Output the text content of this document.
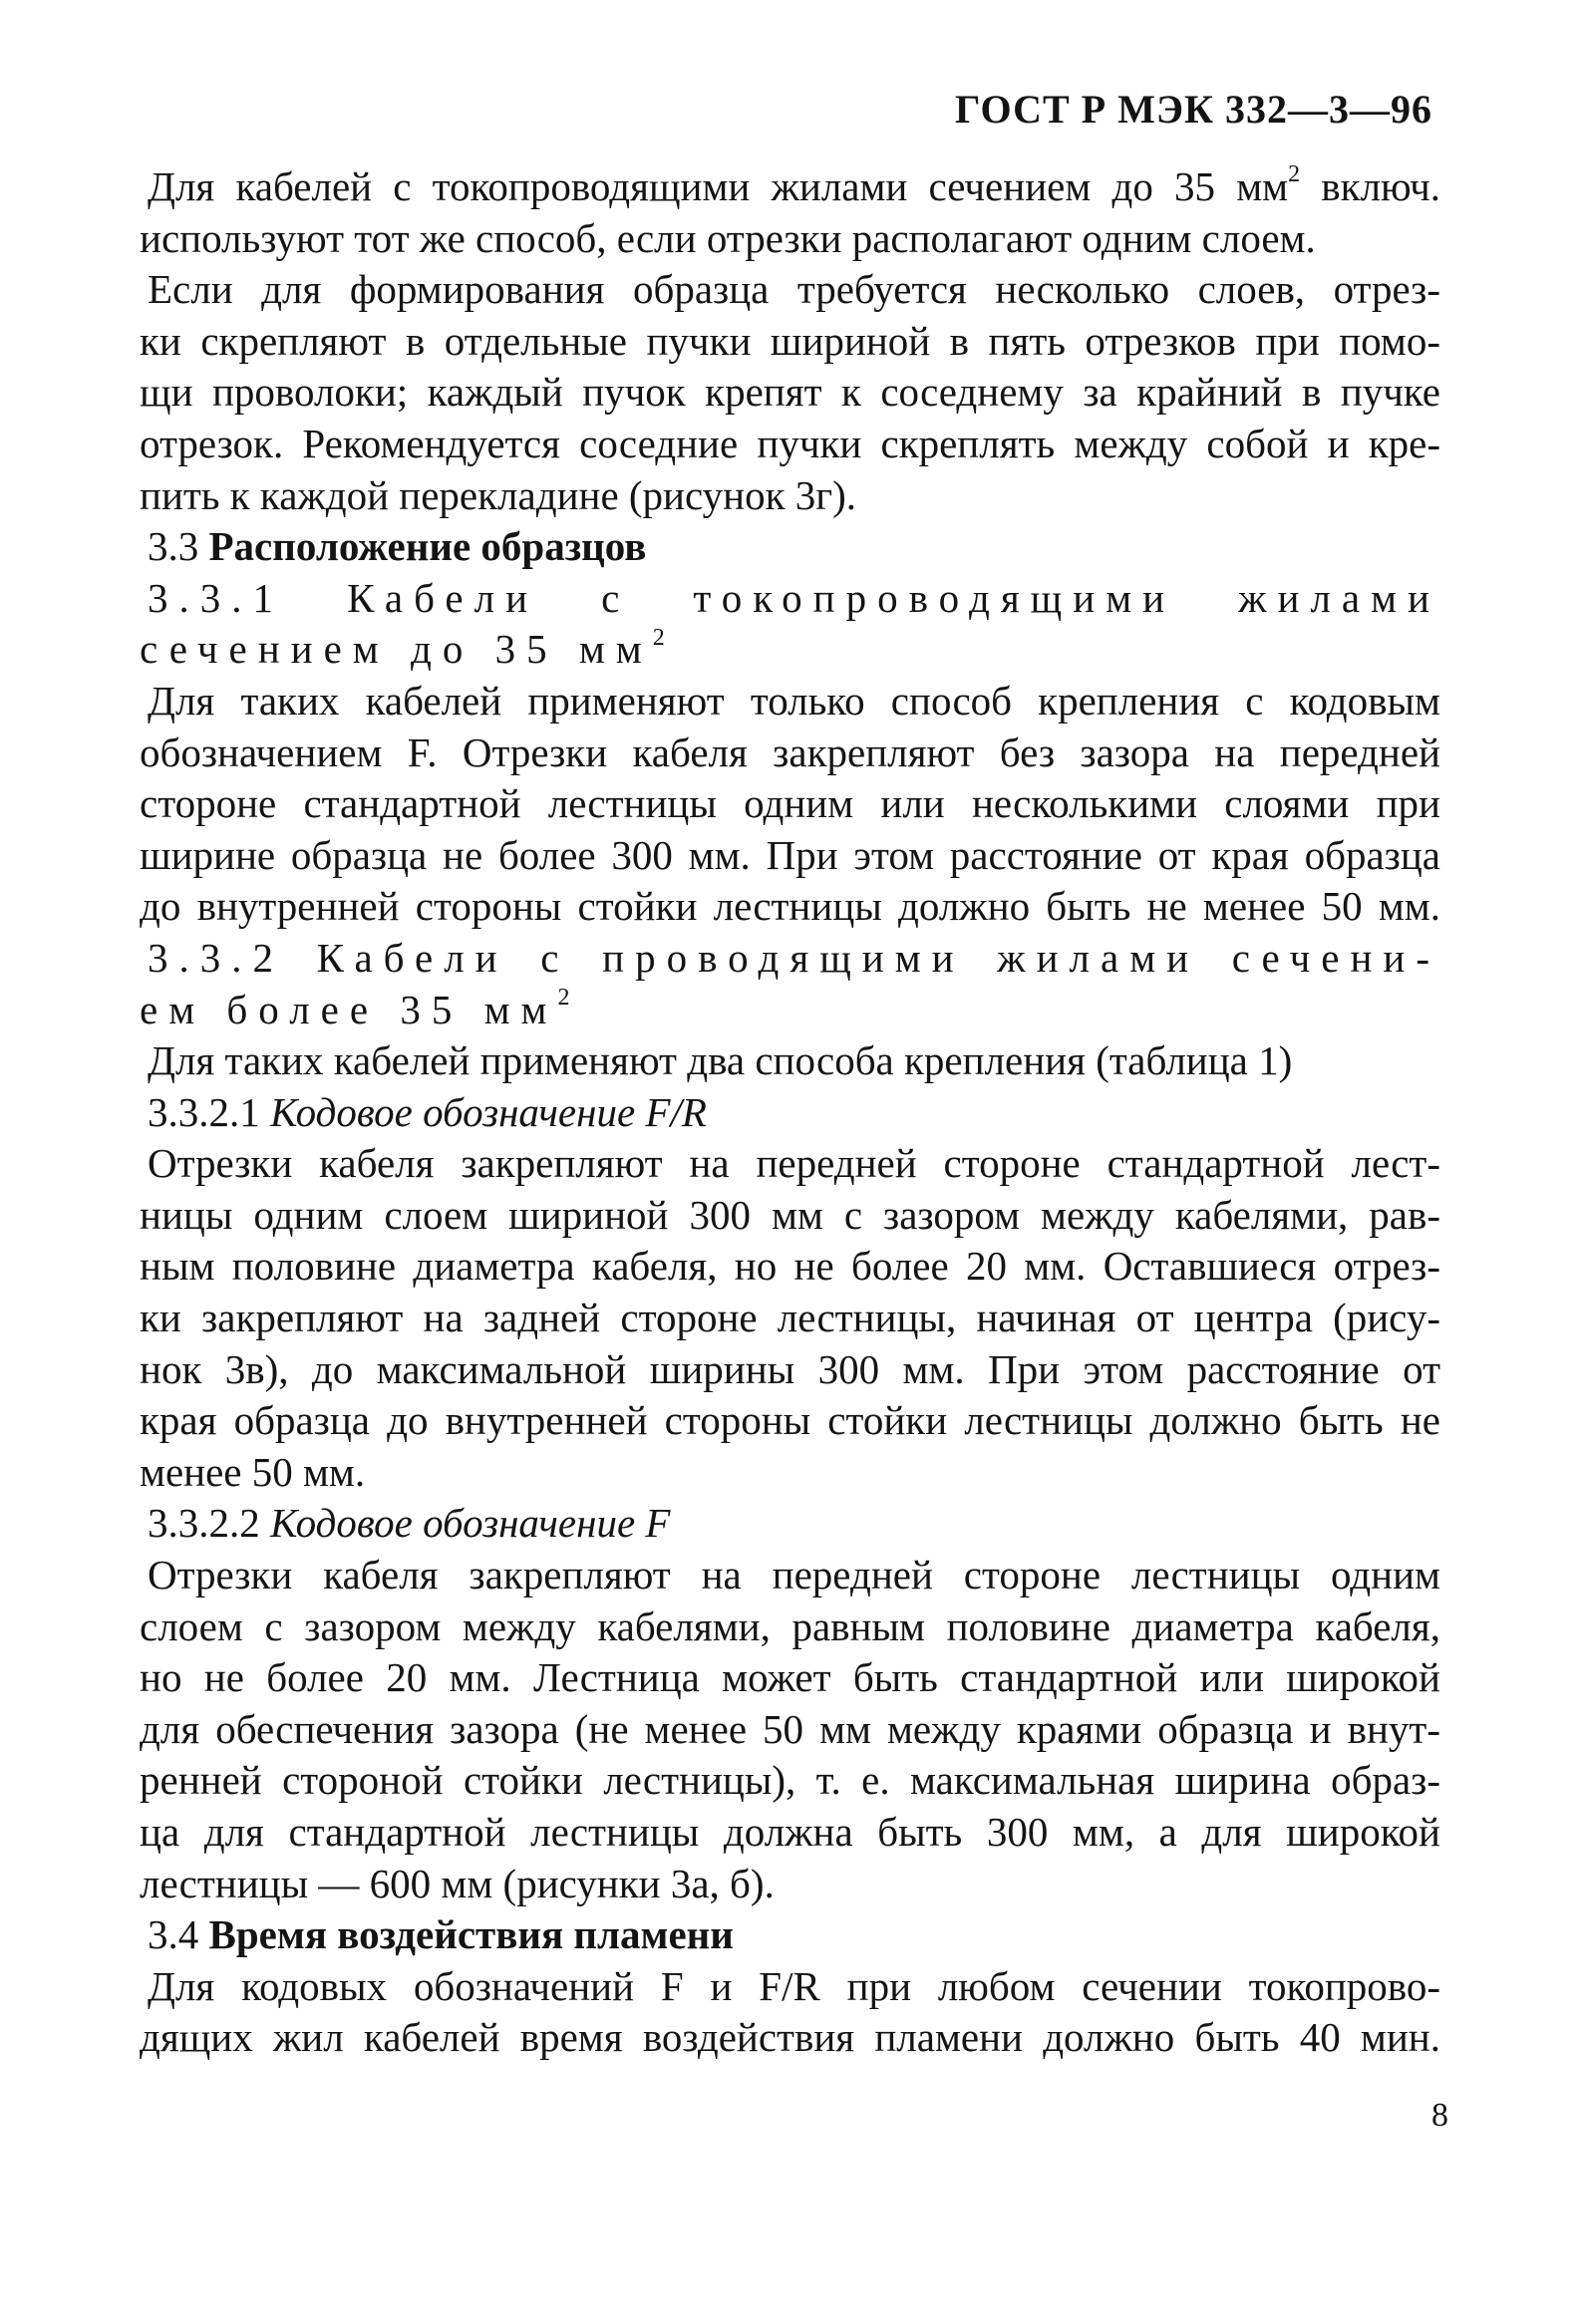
ГОСТ Р МЭК 332—3—96
Для кабелей с токопроводящими жилами сечением до 35 $мм^2$ включ.
используют тот же способ, если отрезки располагают одним слоем.
Если для формирования образца требуется несколько слоев, отрез-
ки скрепляют в отдельные пучки шириной в пять отрезков при помо-
щи проволоки; каждый пучок крепят к соседнему за крайний в пучке
отрезок. Рекомендуется соседние пучки скреплять между собой и кре-
пить к каждой перекладине (рисунок 3г).
3.3 Расположение образцов
3.3.1 Кабели с токопроводящими жилами
сечением до 35 $мм^2$
Для таких кабелей применяют только способ крепления с кодовым
обозначением F. Отрезки кабеля закрепляют без зазора на передней
стороне стандартной лестницы одним или несколькими слоями при
ширине образца не более 300 мм. При этом расстояние от края образца
до внутренней стороны стойки лестницы должно быть не менее 50 мм.
3.3.2 Кабели с проводящими жилами сечени-
ем более 35 $мм^2$
Для таких кабелей применяют два способа крепления (таблица 1)
3.3.2.1 Кодовое обозначение F/R
Отрезки кабеля закрепляют на передней стороне стандартной лест-
ницы одним слоем шириной 300 мм с зазором между кабелями, рав-
ным половине диаметра кабеля, но не более 20 мм. Оставшиеся отрез-
ки закрепляют на задней стороне лестницы, начиная от центра (рису-
нок 3в), до максимальной ширины 300 мм. При этом расстояние от
края образца до внутренней стороны стойки лестницы должно быть не
менее 50 мм.
3.3.2.2 Кодовое обозначение F
Отрезки кабеля закрепляют на передней стороне лестницы одним
слоем с зазором между кабелями, равным половине диаметра кабеля,
но не более 20 мм. Лестница может быть стандартной или широкой
для обеспечения зазора (не менее 50 мм между краями образца и внут-
ренней стороной стойки лестницы), т. е. максимальная ширина образ-
ца для стандартной лестницы должна быть 300 мм, а для широкой
лестницы — 600 мм (рисунки 3а, б).
3.4 Время воздействия пламени
Для кодовых обозначений F и F/R при любом сечении токопрово-
дящих жил кабелей время воздействия пламени должно быть 40 мин.
8
